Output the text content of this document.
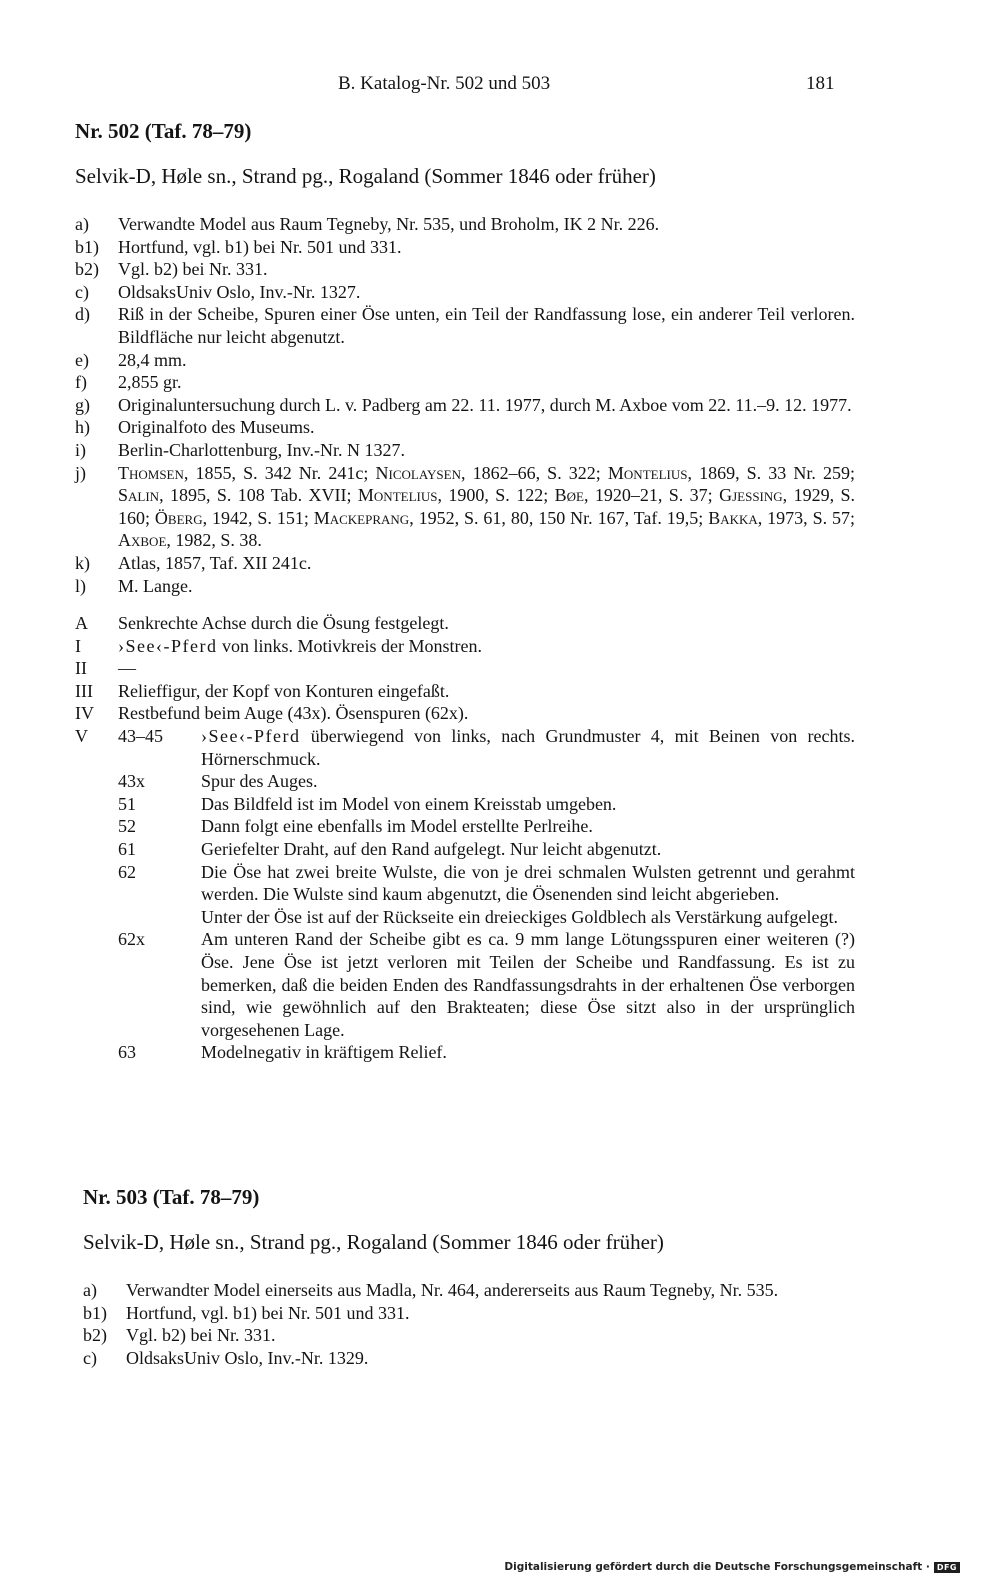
B. Katalog-Nr. 502 und 503	181
Nr. 502 (Taf. 78–79)

Selvik-D, Høle sn., Strand pg., Rogaland (Sommer 1846 oder früher)

a)	Verwandte Model aus Raum Tegneby, Nr. 535, und Broholm, IK 2 Nr. 226.
b1)	Hortfund, vgl. b1) bei Nr. 501 und 331.
b2)	Vgl. b2) bei Nr. 331.
c)	OldsaksUniv Oslo, Inv.-Nr. 1327.
d)	Riß in der Scheibe, Spuren einer Öse unten, ein Teil der Randfassung lose, ein anderer Teil verloren. Bildfläche nur leicht abgenutzt.
e)	28,4 mm.
f)	2,855 gr.
g)	Originaluntersuchung durch L. v. Padberg am 22. 11. 1977, durch M. Axboe vom 22. 11.–9. 12. 1977.
h)	Originalfoto des Museums.
i)	Berlin-Charlottenburg, Inv.-Nr. N 1327.
j)	Thomsen, 1855, S. 342 Nr. 241c; Nicolaysen, 1862–66, S. 322; Montelius, 1869, S. 33 Nr. 259; Salin, 1895, S. 108 Tab. XVII; Montelius, 1900, S. 122; Bøe, 1920–21, S. 37; Gjessing, 1929, S. 160; Öberg, 1942, S. 151; Mackeprang, 1952, S. 61, 80, 150 Nr. 167, Taf. 19,5; Bakka, 1973, S. 57; Axboe, 1982, S. 38.
k)	Atlas, 1857, Taf. XII 241c.
l)	M. Lange.
A	Senkrechte Achse durch die Ösung festgelegt.
I	›See‹-Pferd von links. Motivkreis der Monstren.
II	—
III	Relieffigur, der Kopf von Konturen eingefaßt.
IV	Restbefund beim Auge (43x). Ösenspuren (62x).
V	43–45	›See‹-Pferd überwiegend von links, nach Grundmuster 4, mit Beinen von rechts. Hörnerschmuck.
43x	Spur des Auges.
51	Das Bildfeld ist im Model von einem Kreisstab umgeben.
52	Dann folgt eine ebenfalls im Model erstellte Perlreihe.
61	Geriefelter Draht, auf den Rand aufgelegt. Nur leicht abgenutzt.
62	Die Öse hat zwei breite Wulste, die von je drei schmalen Wulsten getrennt und gerahmt werden. Die Wulste sind kaum abgenutzt, die Ösenenden sind leicht abgerieben.
Unter der Öse ist auf der Rückseite ein dreieckiges Goldblech als Verstärkung aufgelegt.
62x	Am unteren Rand der Scheibe gibt es ca. 9 mm lange Lötungsspuren einer weiteren (?) Öse. Jene Öse ist jetzt verloren mit Teilen der Scheibe und Randfassung. Es ist zu bemerken, daß die beiden Enden des Randfassungsdrahts in der erhaltenen Öse verborgen sind, wie gewöhnlich auf den Brakteaten; diese Öse sitzt also in der ursprünglich vorgesehenen Lage.
63	Modelnegativ in kräftigem Relief.
Nr. 503 (Taf. 78–79)

Selvik-D, Høle sn., Strand pg., Rogaland (Sommer 1846 oder früher)

a)	Verwandter Model einerseits aus Madla, Nr. 464, andererseits aus Raum Tegneby, Nr. 535.
b1)	Hortfund, vgl. b1) bei Nr. 501 und 331.
b2)	Vgl. b2) bei Nr. 331.
c)	OldsaksUniv Oslo, Inv.-Nr. 1329.
Digitalisierung gefördert durch die Deutsche Forschungsgemeinschaft · DFG
